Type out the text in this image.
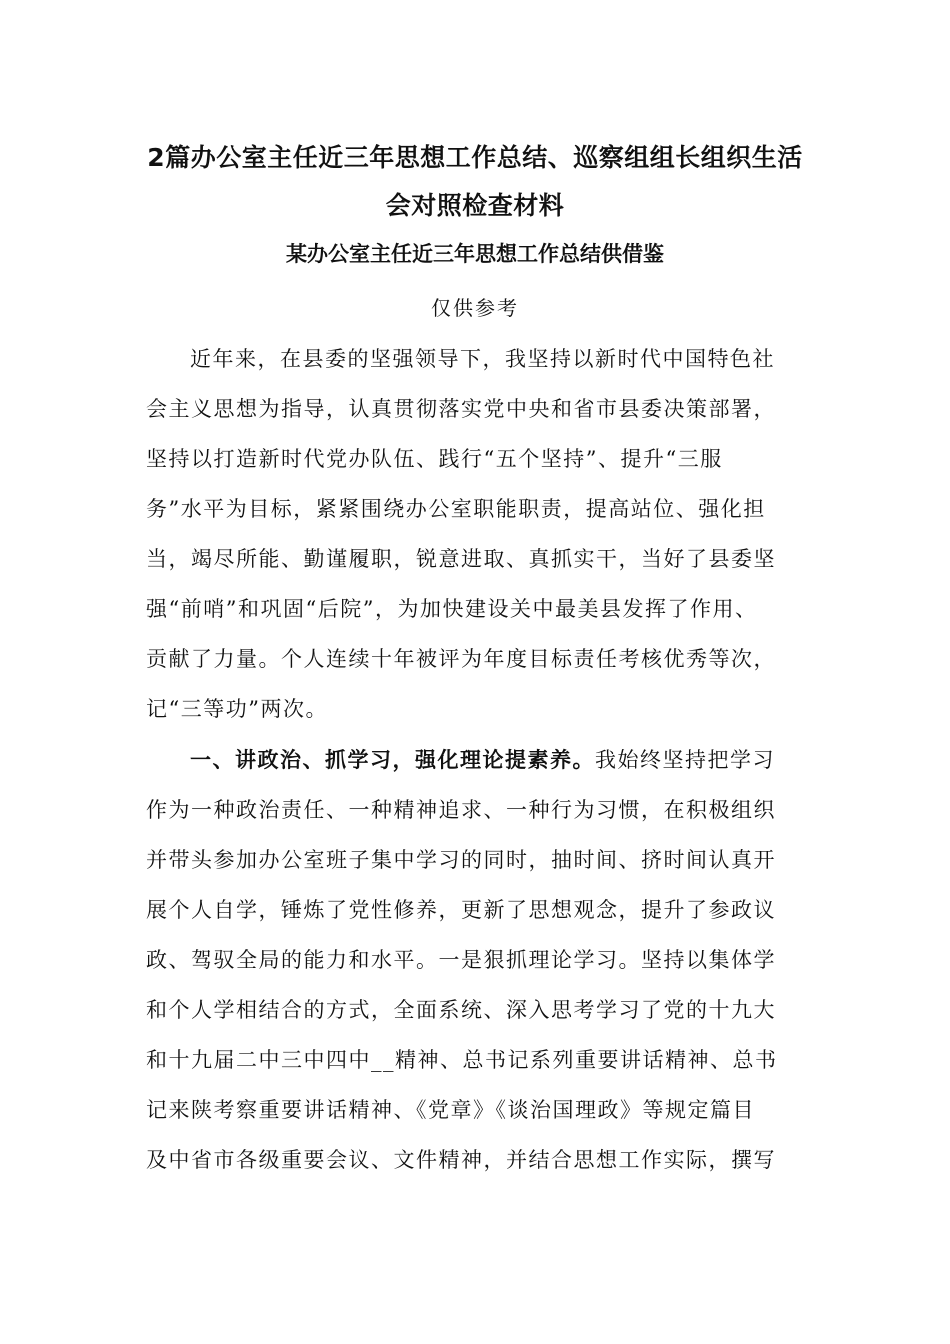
2篇办公室主任近三年思想工作总结、巡察组组长组织生活
会对照检查材料
某办公室主任近三年思想工作总结供借鉴
仅供参考
近年来，在县委的坚强领导下，我坚持以新时代中国特色社
会主义思想为指导，认真贯彻落实党中央和省市县委决策部署，
坚持以打造新时代党办队伍、践行“五个坚持”、提升“三服
务”水平为目标，紧紧围绕办公室职能职责，提高站位、强化担
当，竭尽所能、勤谨履职，锐意进取、真抓实干，当好了县委坚
强“前哨”和巩固“后院”，为加快建设关中最美县发挥了作用、
贡献了力量。个人连续十年被评为年度目标责任考核优秀等次，
记“三等功”两次。
一、讲政治、抓学习，强化理论提素养。我始终坚持把学习
作为一种政治责任、一种精神追求、一种行为习惯，在积极组织
并带头参加办公室班子集中学习的同时，抽时间、挤时间认真开
展个人自学，锤炼了党性修养，更新了思想观念，提升了参政议
政、驾驭全局的能力和水平。一是狠抓理论学习。坚持以集体学
和个人学相结合的方式，全面系统、深入思考学习了党的十九大
和十九届二中三中四中__精神、总书记系列重要讲话精神、总书
记来陕考察重要讲话精神、《党章》《谈治国理政》等规定篇目
及中省市各级重要会议、文件精神，并结合思想工作实际，撰写
